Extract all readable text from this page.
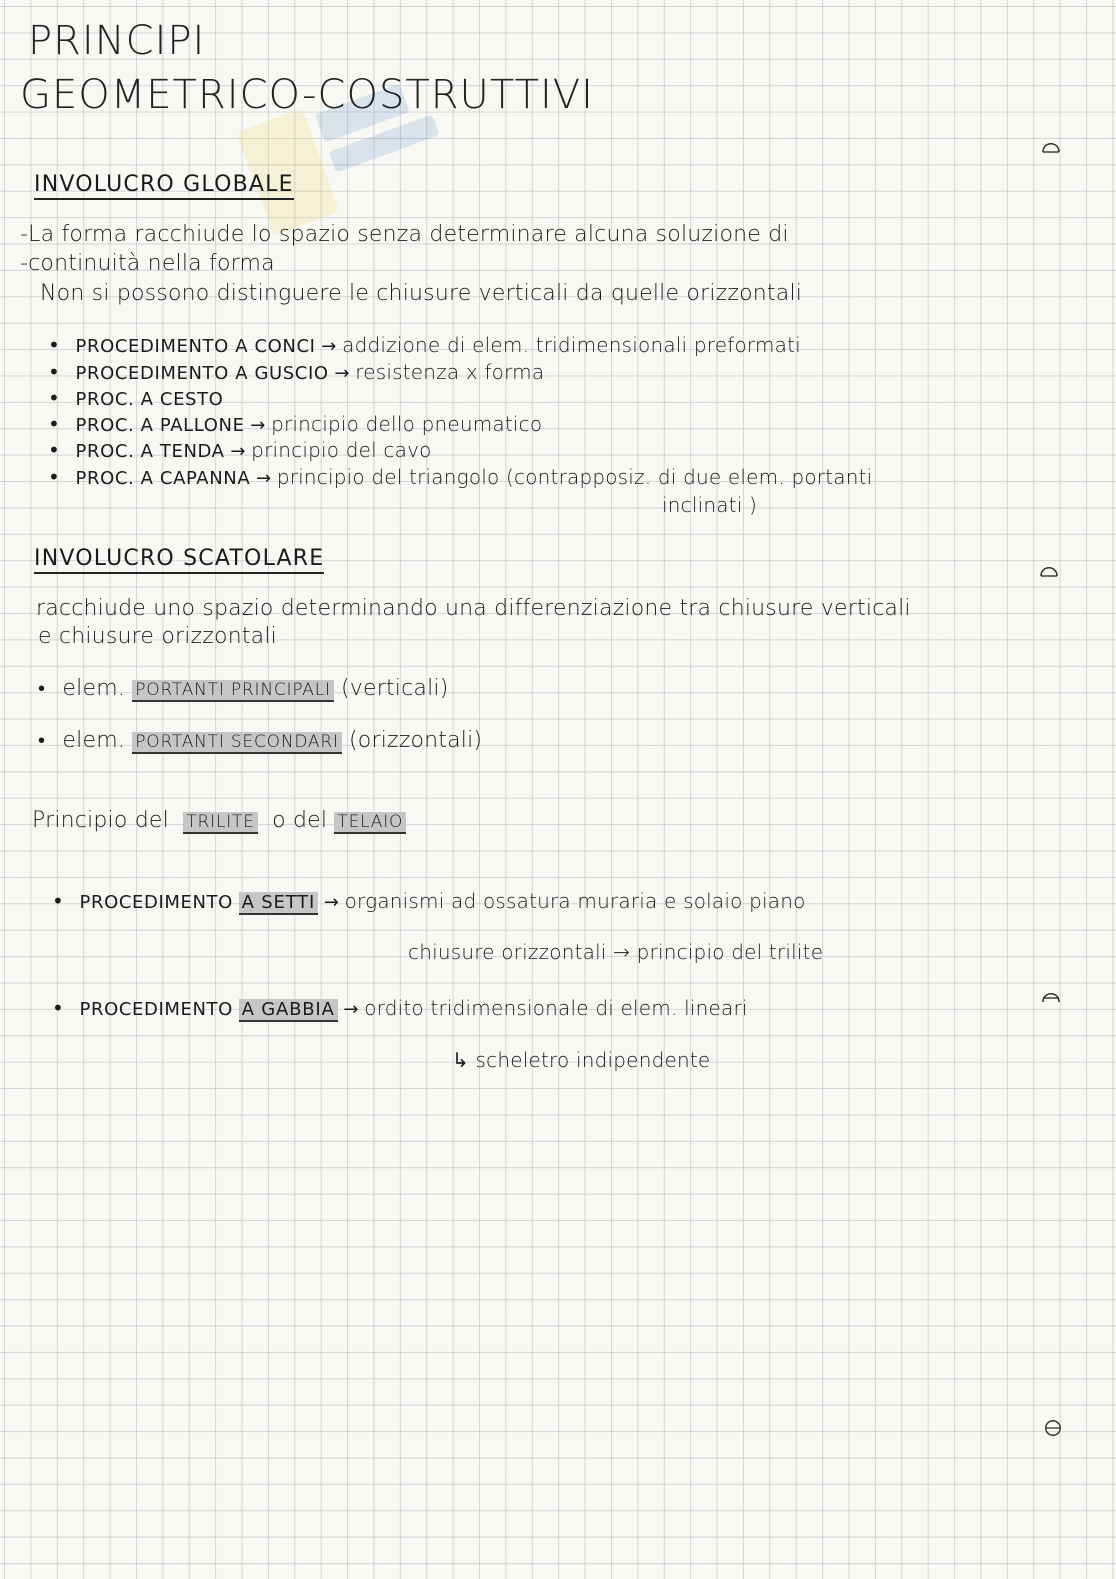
PRINCIPI
GEOMETRICO-COSTRUTTIVI
INVOLUCRO GLOBALE
-La forma racchiude lo spazio senza determinare alcuna soluzione di
-continuità nella forma
Non si possono distinguere le chiusure verticali da quelle orizzontali
• PROCEDIMENTO A CONCI → addizione di elem. tridimensionali preformati
• PROCEDIMENTO A GUSCIO → resistenza x forma
• PROC. A CESTO
• PROC. A PALLONE → principio dello pneumatico
• PROC. A TENDA → principio del cavo
• PROC. A CAPANNA → principio del triangolo (contrapposiz. di due elem. portanti
inclinati )
INVOLUCRO SCATOLARE
racchiude uno spazio determinando una differenziazione tra chiusure verticali
e chiusure orizzontali
• elem. PORTANTI PRINCIPALI (verticali)
• elem. PORTANTI SECONDARI (orizzontali)
Principio del TRILITE o del TELAIO
• PROCEDIMENTO A SETTI → organismi ad ossatura muraria e solaio piano
chiusure orizzontali → principio del trilite
• PROCEDIMENTO A GABBIA → ordito tridimensionale di elem. lineari
↳ scheletro indipendente
